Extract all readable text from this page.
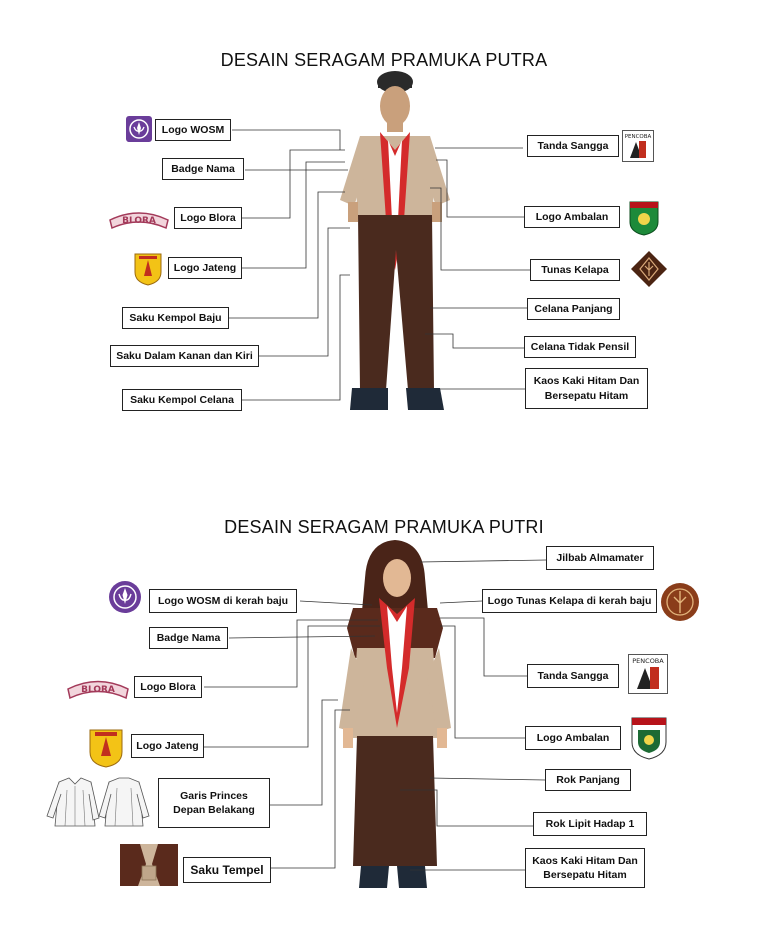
DESAIN SERAGAM PRAMUKA PUTRA
Logo WOSM
Badge Nama
Logo Blora
Logo Jateng
Saku Kempol Baju
Saku Dalam Kanan dan Kiri
Saku Kempol Celana
Tanda Sangga
Logo Ambalan
Tunas Kelapa
Celana Panjang
Celana Tidak Pensil
Kaos Kaki Hitam Dan
Bersepatu Hitam
BLORA
PENCOBA
DESAIN SERAGAM PRAMUKA PUTRI
Jilbab Almamater
Logo WOSM di kerah baju	Logo Tunas Kelapa di kerah baju
Badge Nama
Logo Blora
Tanda Sangga
Logo Jateng
Logo Ambalan
Garis Princes
Depan Belakang
Rok Panjang
Rok Lipit Hadap 1
Saku Tempel
Kaos Kaki Hitam Dan
Bersepatu Hitam
BLORA
PENCOBA
